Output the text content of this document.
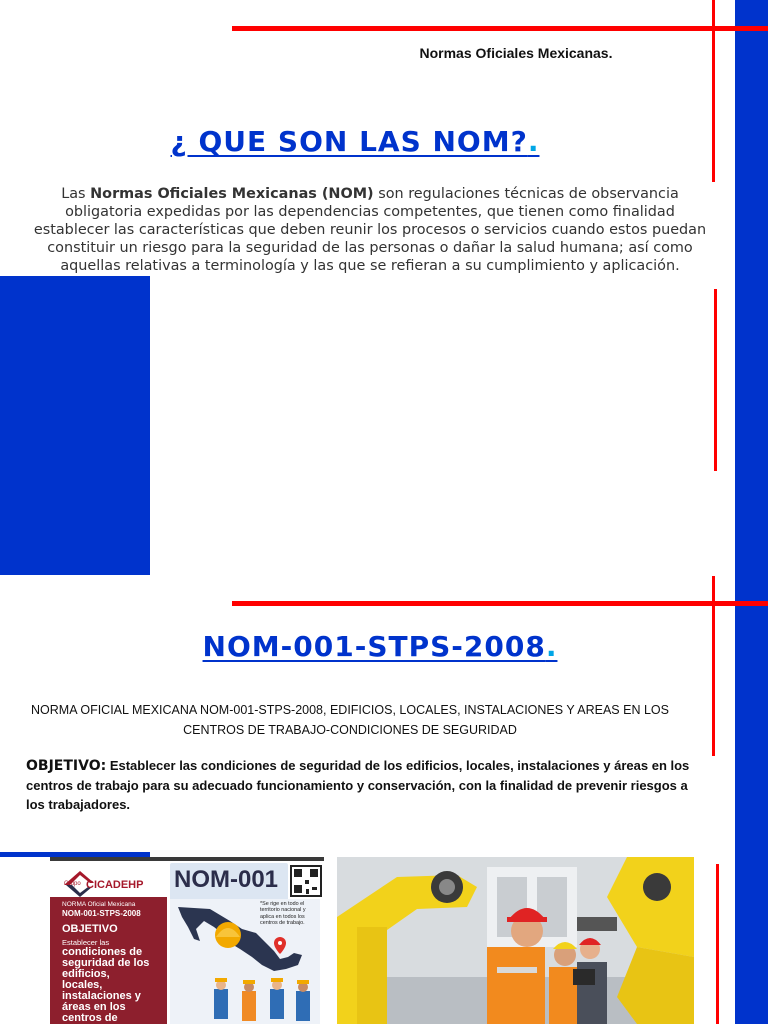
Normas Oficiales Mexicanas.
¿ QUE SON LAS NOM?.
Las Normas Oficiales Mexicanas (NOM) son regulaciones técnicas de observancia obligatoria expedidas por las dependencias competentes, que tienen como finalidad establecer las características que deben reunir los procesos o servicios cuando estos puedan constituir un riesgo para la seguridad de las personas o dañar la salud humana; así como aquellas relativas a terminología y las que se refieran a su cumplimiento y aplicación.
NOM-001-STPS-2008.
NORMA OFICIAL MEXICANA NOM-001-STPS-2008, EDIFICIOS, LOCALES, INSTALACIONES Y AREAS EN LOS CENTROS DE TRABAJO-CONDICIONES DE SEGURIDAD
OBJETIVO: Establecer las condiciones de seguridad de los edificios, locales, instalaciones y áreas en los centros de trabajo para su adecuado funcionamiento y conservación, con la finalidad de prevenir riesgos a los trabajadores.
Grupo CICADEHP NOM-001
NORMA Oficial Mexicana
NOM-001-STPS-2008
OBJETIVO
Establecer las
condiciones de seguridad de los edificios, locales, instalaciones y áreas en los centros de
*Se rige en todo el territorio nacional y aplica en todos los centros de trabajo.
